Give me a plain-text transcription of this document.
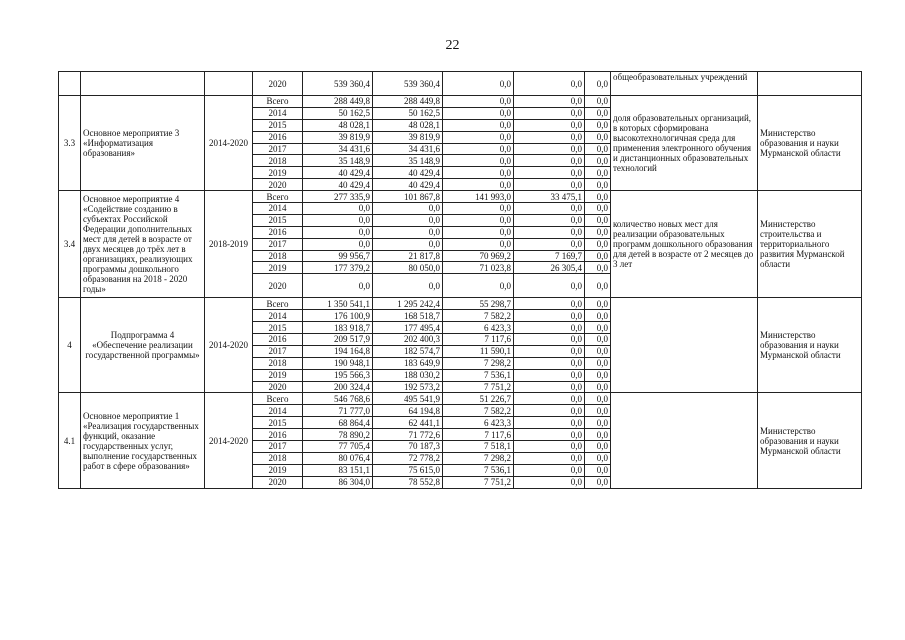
22
			2020	539 360,4	539 360,4	0,0	0,0	0,0	общеобразовательных учреждений	
3.3	Основное мероприятие 3 «Информатизация образования»	2014-2020	Всего	288 449,8	288 449,8	0,0	0,0	0,0	доля образовательных организаций, в которых сформирована высокотехнологичная среда для применения электронного обучения и дистанционных образовательных технологий	Министерство образования и науки Мурманской области
			2014	50 162,5	50 162,5	0,0	0,0	0,0		
			2015	48 028,1	48 028,1	0,0	0,0	0,0		
			2016	39 819,9	39 819,9	0,0	0,0	0,0		
			2017	34 431,6	34 431,6	0,0	0,0	0,0		
			2018	35 148,9	35 148,9	0,0	0,0	0,0		
			2019	40 429,4	40 429,4	0,0	0,0	0,0		
			2020	40 429,4	40 429,4	0,0	0,0	0,0		
3.4	Основное мероприятие 4 «Содействие созданию в субъектах Российской Федерации дополнительных мест для детей в возрасте от двух месяцев до трёх лет в организациях, реализующих программы дошкольного образования на 2018 - 2020 годы»	2018-2019	Всего	277 335,9	101 867,8	141 993,0	33 475,1	0,0	количество новых мест для реализации образовательных программ дошкольного образования для детей в возрасте от 2 месяцев до 3 лет	Министерство строительства и территориального развития Мурманской области
			2014	0,0	0,0	0,0	0,0	0,0		
			2015	0,0	0,0	0,0	0,0	0,0		
			2016	0,0	0,0	0,0	0,0	0,0		
			2017	0,0	0,0	0,0	0,0	0,0		
			2018	99 956,7	21 817,8	70 969,2	7 169,7	0,0		
			2019	177 379,2	80 050,0	71 023,8	26 305,4	0,0		
			2020	0,0	0,0	0,0	0,0	0,0		
4	Подпрограмма 4 «Обеспечение реализации государственной программы»	2014-2020	Всего	1 350 541,1	1 295 242,4	55 298,7	0,0	0,0		Министерство образования и науки Мурманской области
			2014	176 100,9	168 518,7	7 582,2	0,0	0,0		
			2015	183 918,7	177 495,4	6 423,3	0,0	0,0		
			2016	209 517,9	202 400,3	7 117,6	0,0	0,0		
			2017	194 164,8	182 574,7	11 590,1	0,0	0,0		
			2018	190 948,1	183 649,9	7 298,2	0,0	0,0		
			2019	195 566,3	188 030,2	7 536,1	0,0	0,0		
			2020	200 324,4	192 573,2	7 751,2	0,0	0,0		
4.1	Основное мероприятие 1 «Реализация государственных функций, оказание государственных услуг, выполнение государственных работ в сфере образования»	2014-2020	Всего	546 768,6	495 541,9	51 226,7	0,0	0,0		Министерство образования и науки Мурманской области
			2014	71 777,0	64 194,8	7 582,2	0,0	0,0		
			2015	68 864,4	62 441,1	6 423,3	0,0	0,0		
			2016	78 890,2	71 772,6	7 117,6	0,0	0,0		
			2017	77 705,4	70 187,3	7 518,1	0,0	0,0		
			2018	80 076,4	72 778,2	7 298,2	0,0	0,0		
			2019	83 151,1	75 615,0	7 536,1	0,0	0,0		
			2020	86 304,0	78 552,8	7 751,2	0,0	0,0		
